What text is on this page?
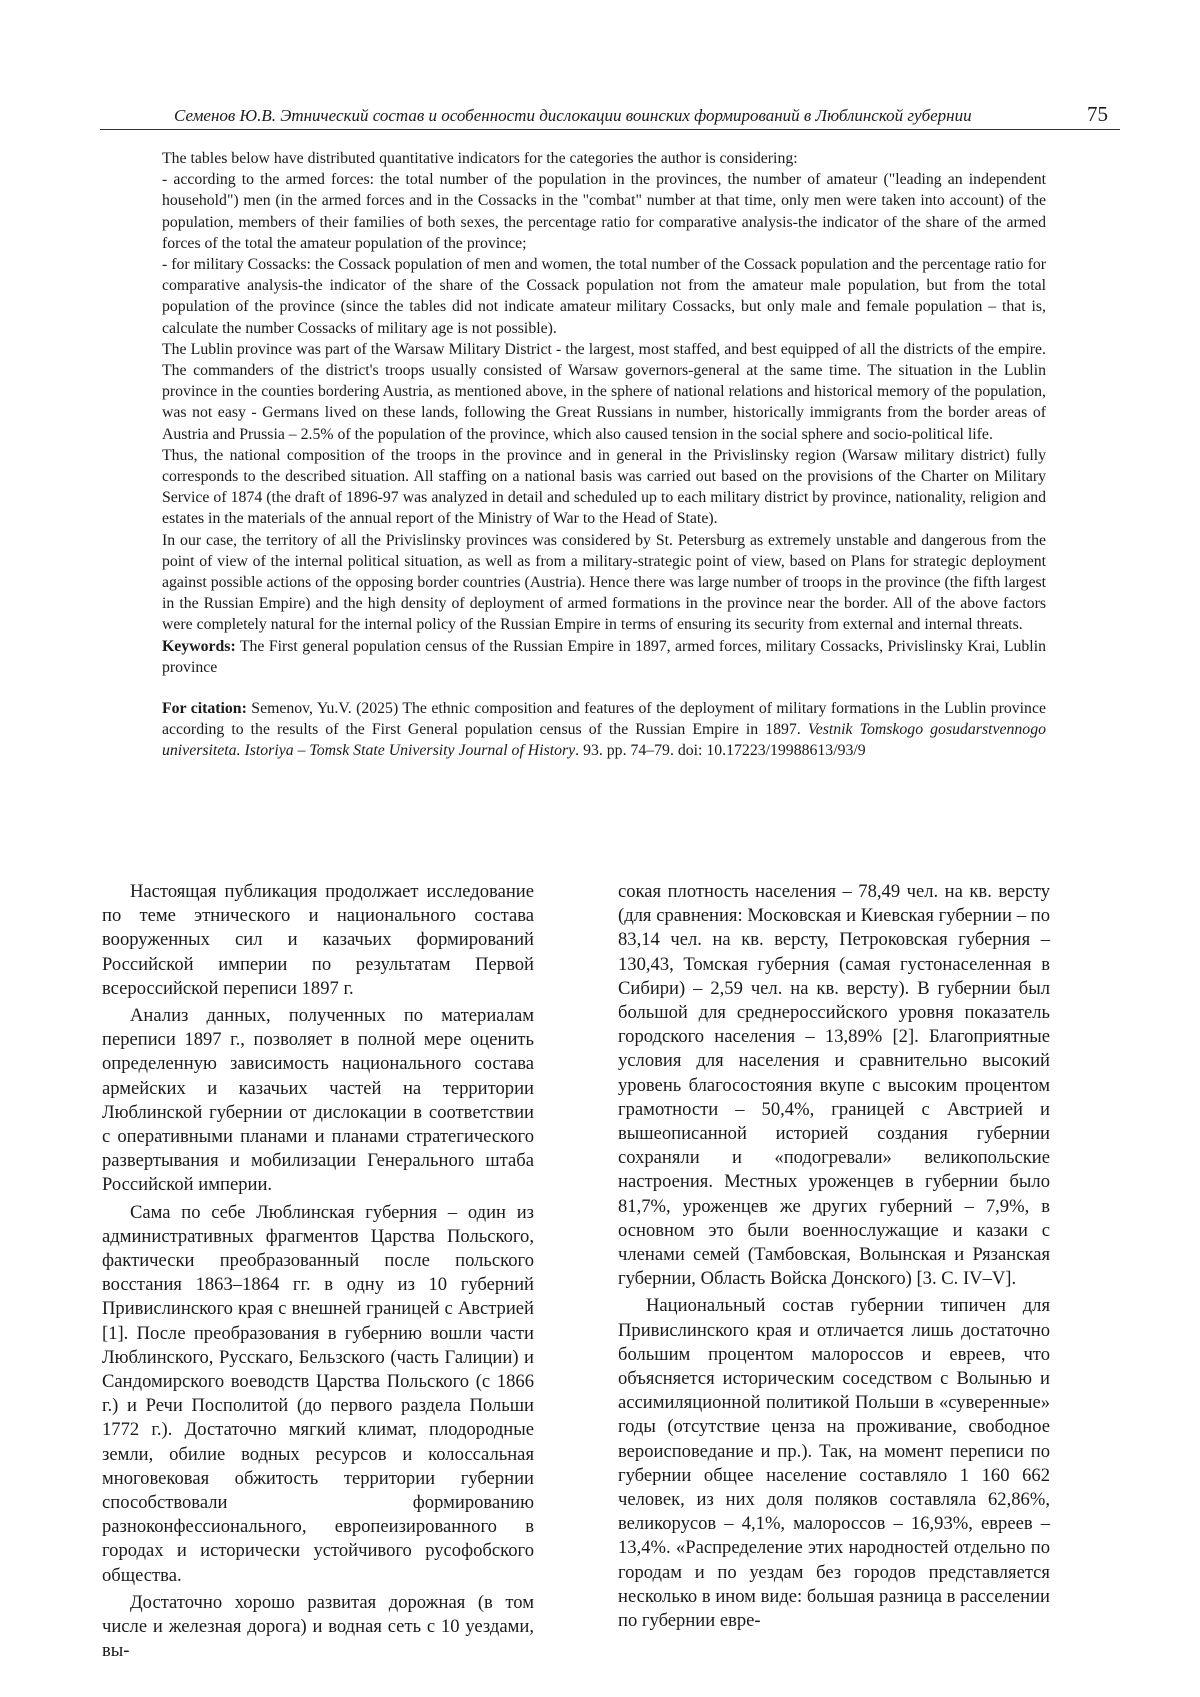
Семенов Ю.В. Этнический состав и особенности дислокации воинских формирований в Люблинской губернии	75

The tables below have distributed quantitative indicators for the categories the author is considering:

- according to the armed forces: the total number of the population in the provinces, the number of amateur ("leading an independent household") men (in the armed forces and in the Cossacks in the "combat" number at that time, only men were taken into account) of the population, members of their families of both sexes, the percentage ratio for comparative analysis-the indicator of the share of the armed forces of the total the amateur population of the province;

- for military Cossacks: the Cossack population of men and women, the total number of the Cossack population and the percentage ratio for comparative analysis-the indicator of the share of the Cossack population not from the amateur male population, but from the total population of the province (since the tables did not indicate amateur military Cossacks, but only male and female population – that is, calculate the number Cossacks of military age is not possible).

The Lublin province was part of the Warsaw Military District - the largest, most staffed, and best equipped of all the districts of the empire. The commanders of the district's troops usually consisted of Warsaw governors-general at the same time. The situation in the Lublin province in the counties bordering Austria, as mentioned above, in the sphere of national relations and historical memory of the population, was not easy - Germans lived on these lands, following the Great Russians in number, historically immigrants from the border areas of Austria and Prussia – 2.5% of the population of the province, which also caused tension in the social sphere and socio-political life.

Thus, the national composition of the troops in the province and in general in the Privislinsky region (Warsaw military district) fully corresponds to the described situation. All staffing on a national basis was carried out based on the provisions of the Charter on Military Service of 1874 (the draft of 1896-97 was analyzed in detail and scheduled up to each military district by province, nationality, religion and estates in the materials of the annual report of the Ministry of War to the Head of State).

In our case, the territory of all the Privislinsky provinces was considered by St. Petersburg as extremely unstable and dangerous from the point of view of the internal political situation, as well as from a military-strategic point of view, based on Plans for strategic deployment against possible actions of the opposing border countries (Austria). Hence there was large number of troops in the province (the fifth largest in the Russian Empire) and the high density of deployment of armed formations in the province near the border. All of the above factors were completely natural for the internal policy of the Russian Empire in terms of ensuring its security from external and internal threats.

Keywords: The First general population census of the Russian Empire in 1897, armed forces, military Cossacks, Privislinsky Krai, Lublin province

For citation: Semenov, Yu.V. (2025) The ethnic composition and features of the deployment of military formations in the Lublin province according to the results of the First General population census of the Russian Empire in 1897. Vestnik Tomskogo gosudarstvennogo universiteta. Istoriya – Tomsk State University Journal of History. 93. pp. 74–79. doi: 10.17223/19988613/93/9

Настоящая публикация продолжает исследование по теме этнического и национального состава вооруженных сил и казачьих формирований Российской империи по результатам Первой всероссийской переписи 1897 г.

Анализ данных, полученных по материалам переписи 1897 г., позволяет в полной мере оценить определенную зависимость национального состава армейских и казачьих частей на территории Люблинской губернии от дислокации в соответствии с оперативными планами и планами стратегического развертывания и мобилизации Генерального штаба Российской империи.

Сама по себе Люблинская губерния – один из административных фрагментов Царства Польского, фактически преобразованный после польского восстания 1863–1864 гг. в одну из 10 губерний Привислинского края с внешней границей с Австрией [1]. После преобразования в губернию вошли части Люблинского, Русскаго, Бельзского (часть Галиции) и Сандомирского воеводств Царства Польского (с 1866 г.) и Речи Посполитой (до первого раздела Польши 1772 г.). Достаточно мягкий климат, плодородные земли, обилие водных ресурсов и колоссальная многовековая обжитость территории губернии способствовали формированию разноконфессионального, европеизированного в городах и исторически устойчивого русофобского общества.

Достаточно хорошо развитая дорожная (в том числе и железная дорога) и водная сеть с 10 уездами, вы-

сокая плотность населения – 78,49 чел. на кв. версту (для сравнения: Московская и Киевская губернии – по 83,14 чел. на кв. версту, Петроковская губерния – 130,43, Томская губерния (самая густонаселенная в Сибири) – 2,59 чел. на кв. версту). В губернии был большой для среднероссийского уровня показатель городского населения – 13,89% [2]. Благоприятные условия для населения и сравнительно высокий уровень благосостояния вкупе с высоким процентом грамотности – 50,4%, границей с Австрией и вышеописанной историей создания губернии сохраняли и «подогревали» великопольские настроения. Местных уроженцев в губернии было 81,7%, уроженцев же других губерний – 7,9%, в основном это были военнослужащие и казаки с членами семей (Тамбовская, Волынская и Рязанская губернии, Область Войска Донского) [3. С. IV–V].

Национальный состав губернии типичен для Привислинского края и отличается лишь достаточно большим процентом малороссов и евреев, что объясняется историческим соседством с Волынью и ассимиляционной политикой Польши в «суверенные» годы (отсутствие ценза на проживание, свободное вероисповедание и пр.). Так, на момент переписи по губернии общее население составляло 1 160 662 человек, из них доля поляков составляла 62,86%, великорусов – 4,1%, малороссов – 16,93%, евреев – 13,4%. «Распределение этих народностей отдельно по городам и по уездам без городов представляется несколько в ином виде: большая разница в расселении по губернии евре-
